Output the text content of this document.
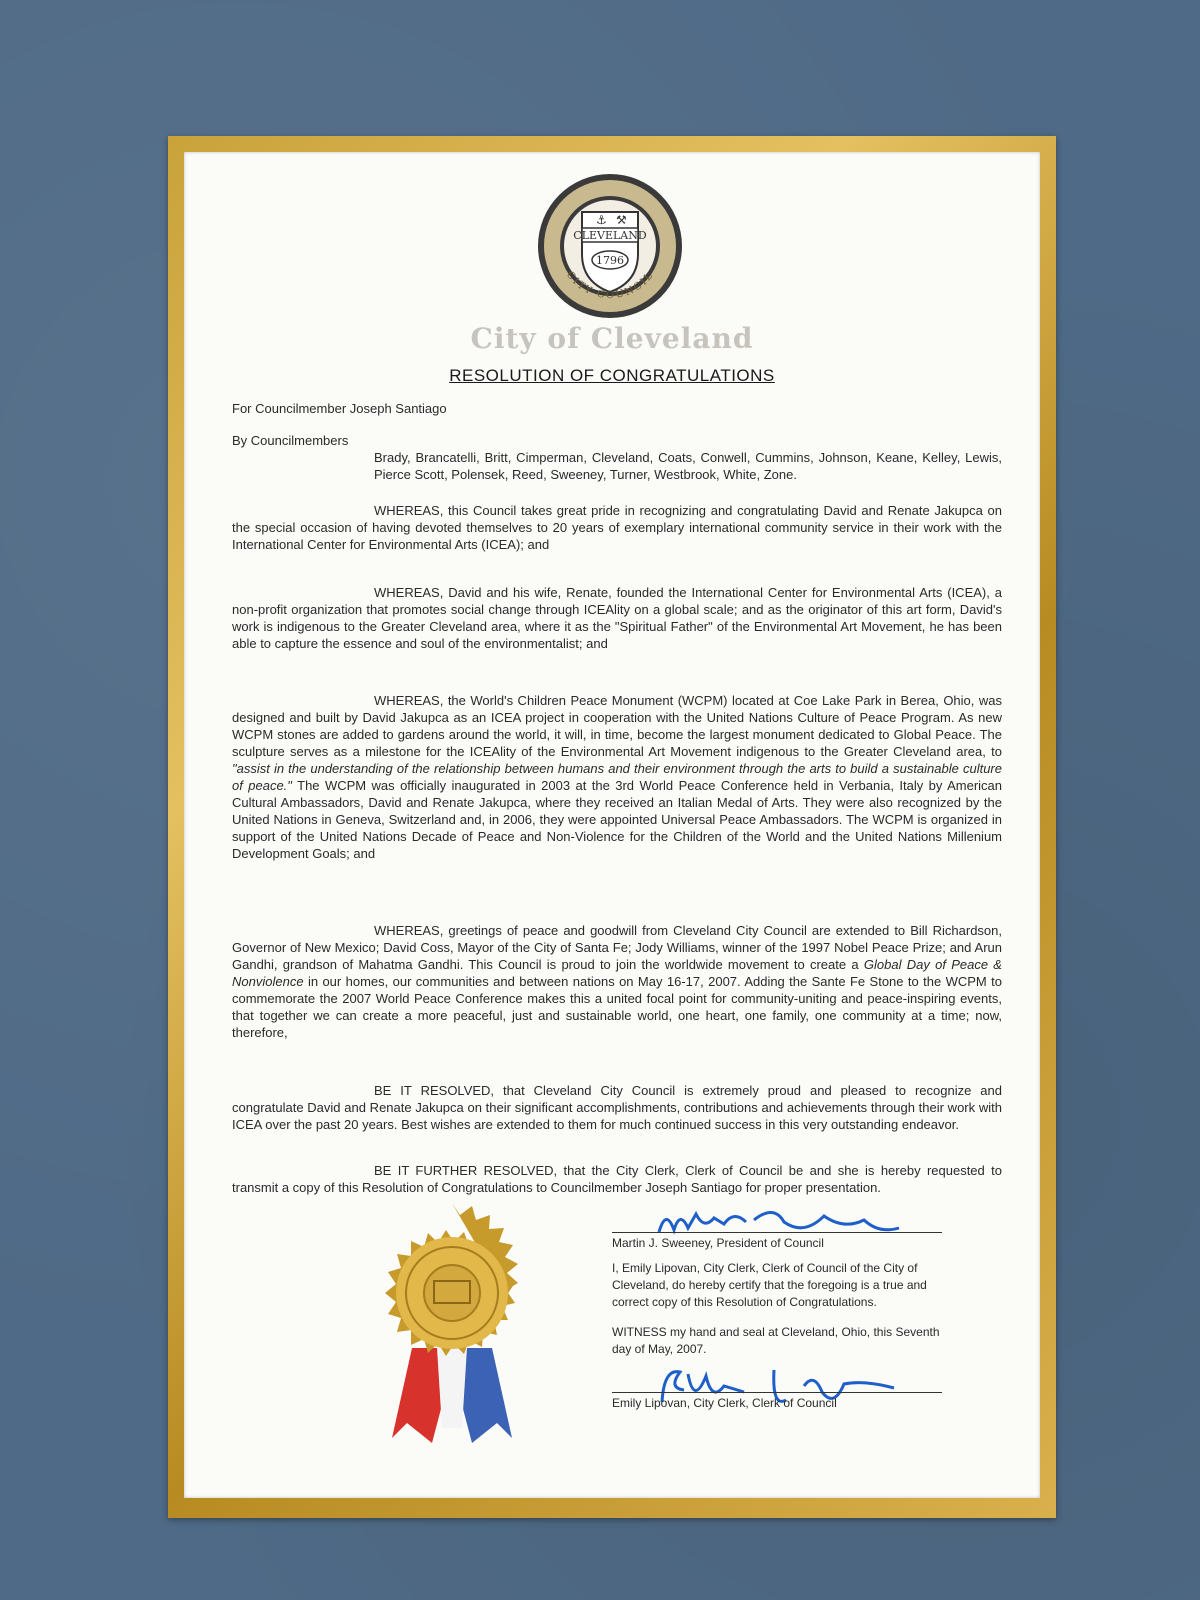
CLEVELAND
1796
⚓ ⚒
CITY COUNCIL
City of Cleveland
RESOLUTION OF CONGRATULATIONS
For Councilmember Joseph Santiago
By Councilmembers
Brady, Brancatelli, Britt, Cimperman, Cleveland, Coats, Conwell, Cummins, Johnson, Keane, Kelley, Lewis, Pierce Scott, Polensek, Reed, Sweeney, Turner, Westbrook, White, Zone.

WHEREAS, this Council takes great pride in recognizing and congratulating David and Renate Jakupca on the special occasion of having devoted themselves to 20 years of exemplary international community service in their work with the International Center for Environmental Arts (ICEA); and

WHEREAS, David and his wife, Renate, founded the International Center for Environmental Arts (ICEA), a non-profit organization that promotes social change through ICEAlity on a global scale; and as the originator of this art form, David's work is indigenous to the Greater Cleveland area, where it as the "Spiritual Father" of the Environmental Art Movement, he has been able to capture the essence and soul of the environmentalist; and

WHEREAS, the World's Children Peace Monument (WCPM) located at Coe Lake Park in Berea, Ohio, was designed and built by David Jakupca as an ICEA project in cooperation with the United Nations Culture of Peace Program. As new WCPM stones are added to gardens around the world, it will, in time, become the largest monument dedicated to Global Peace. The sculpture serves as a milestone for the ICEAlity of the Environmental Art Movement indigenous to the Greater Cleveland area, to "assist in the understanding of the relationship between humans and their environment through the arts to build a sustainable culture of peace." The WCPM was officially inaugurated in 2003 at the 3rd World Peace Conference held in Verbania, Italy by American Cultural Ambassadors, David and Renate Jakupca, where they received an Italian Medal of Arts. They were also recognized by the United Nations in Geneva, Switzerland and, in 2006, they were appointed Universal Peace Ambassadors. The WCPM is organized in support of the United Nations Decade of Peace and Non-Violence for the Children of the World and the United Nations Millenium Development Goals; and

WHEREAS, greetings of peace and goodwill from Cleveland City Council are extended to Bill Richardson, Governor of New Mexico; David Coss, Mayor of the City of Santa Fe; Jody Williams, winner of the 1997 Nobel Peace Prize; and Arun Gandhi, grandson of Mahatma Gandhi. This Council is proud to join the worldwide movement to create a Global Day of Peace & Nonviolence in our homes, our communities and between nations on May 16-17, 2007. Adding the Sante Fe Stone to the WCPM to commemorate the 2007 World Peace Conference makes this a united focal point for community-uniting and peace-inspiring events, that together we can create a more peaceful, just and sustainable world, one heart, one family, one community at a time; now, therefore,

BE IT RESOLVED, that Cleveland City Council is extremely proud and pleased to recognize and congratulate David and Renate Jakupca on their significant accomplishments, contributions and achievements through their work with ICEA over the past 20 years. Best wishes are extended to them for much continued success in this very outstanding endeavor.

BE IT FURTHER RESOLVED, that the City Clerk, Clerk of Council be and she is hereby requested to transmit a copy of this Resolution of Congratulations to Councilmember Joseph Santiago for proper presentation.

Martin J. Sweeney, President of Council
I, Emily Lipovan, City Clerk, Clerk of Council of the City of Cleveland, do hereby certify that the foregoing is a true and correct copy of this Resolution of Congratulations.
WITNESS my hand and seal at Cleveland, Ohio, this Seventh day of May, 2007.
Emily Lipovan, City Clerk, Clerk of Council
